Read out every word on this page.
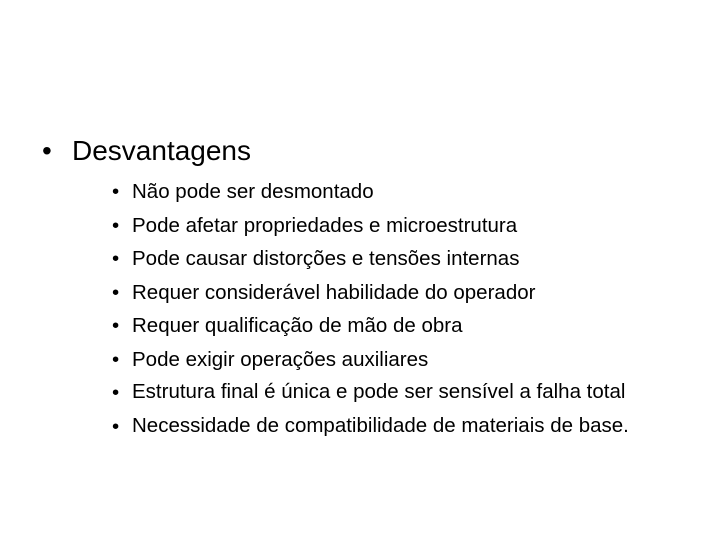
• Desvantagens
• Não pode ser desmontado
• Pode afetar propriedades e microestrutura
• Pode causar distorções e tensões internas
• Requer considerável habilidade do operador
• Requer qualificação de mão de obra
• Pode exigir operações auxiliares
• Estrutura final é única e pode ser sensível a falha total
• Necessidade de compatibilidade de materiais de base.
